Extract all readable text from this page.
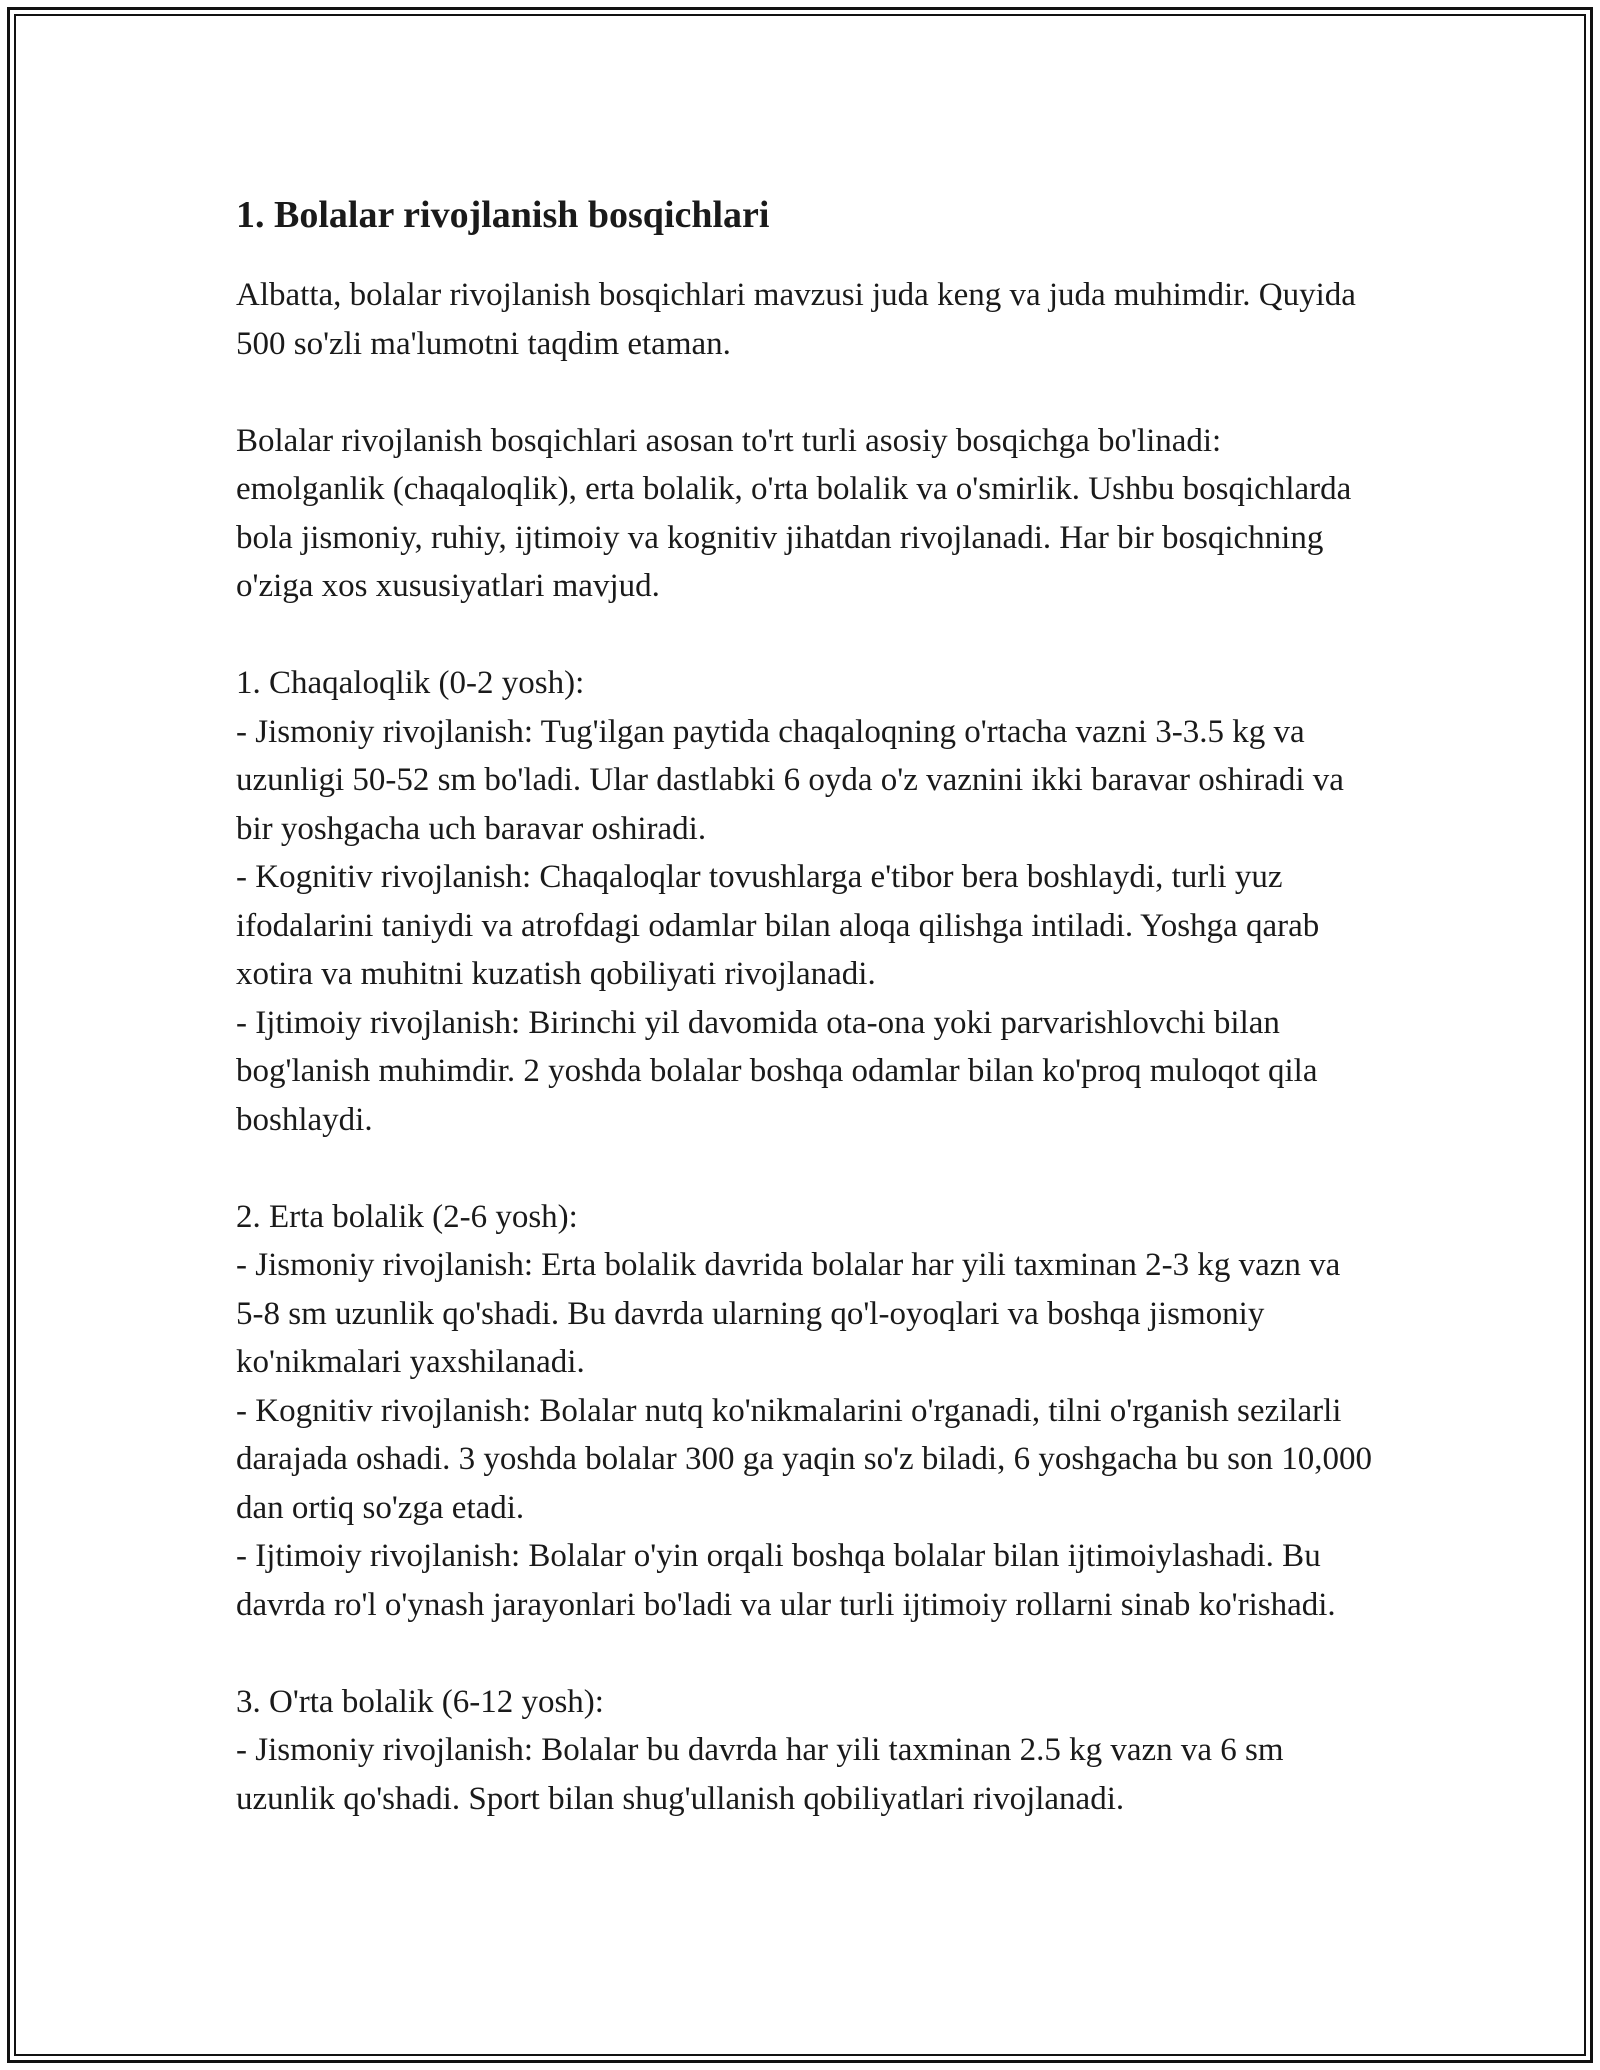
1. Bolalar rivojlanish bosqichlari

Albatta, bolalar rivojlanish bosqichlari mavzusi juda keng va juda muhimdir. Quyida 500 so'zli ma'lumotni taqdim etaman.

Bolalar rivojlanish bosqichlari asosan to'rt turli asosiy bosqichga bo'linadi: emolganlik (chaqaloqlik), erta bolalik, o'rta bolalik va o'smirlik. Ushbu bosqichlarda bola jismoniy, ruhiy, ijtimoiy va kognitiv jihatdan rivojlanadi. Har bir bosqichning o'ziga xos xususiyatlari mavjud.

1. Chaqaloqlik (0-2 yosh):

- Jismoniy rivojlanish: Tug'ilgan paytida chaqaloqning o'rtacha vazni 3-3.5 kg va uzunligi 50-52 sm bo'ladi. Ular dastlabki 6 oyda o'z vaznini ikki baravar oshiradi va bir yoshgacha uch baravar oshiradi.

- Kognitiv rivojlanish: Chaqaloqlar tovushlarga e'tibor bera boshlaydi, turli yuz ifodalarini taniydi va atrofdagi odamlar bilan aloqa qilishga intiladi. Yoshga qarab xotira va muhitni kuzatish qobiliyati rivojlanadi.

- Ijtimoiy rivojlanish: Birinchi yil davomida ota-ona yoki parvarishlovchi bilan bog'lanish muhimdir. 2 yoshda bolalar boshqa odamlar bilan ko'proq muloqot qila boshlaydi.

2. Erta bolalik (2-6 yosh):

- Jismoniy rivojlanish: Erta bolalik davrida bolalar har yili taxminan 2-3 kg vazn va 5-8 sm uzunlik qo'shadi. Bu davrda ularning qo'l-oyoqlari va boshqa jismoniy ko'nikmalari yaxshilanadi.

- Kognitiv rivojlanish: Bolalar nutq ko'nikmalarini o'rganadi, tilni o'rganish sezilarli darajada oshadi. 3 yoshda bolalar 300 ga yaqin so'z biladi, 6 yoshgacha bu son 10,000 dan ortiq so'zga etadi.

- Ijtimoiy rivojlanish: Bolalar o'yin orqali boshqa bolalar bilan ijtimoiylashadi. Bu davrda ro'l o'ynash jarayonlari bo'ladi va ular turli ijtimoiy rollarni sinab ko'rishadi.

3. O'rta bolalik (6-12 yosh):

- Jismoniy rivojlanish: Bolalar bu davrda har yili taxminan 2.5 kg vazn va 6 sm uzunlik qo'shadi. Sport bilan shug'ullanish qobiliyatlari rivojlanadi.
